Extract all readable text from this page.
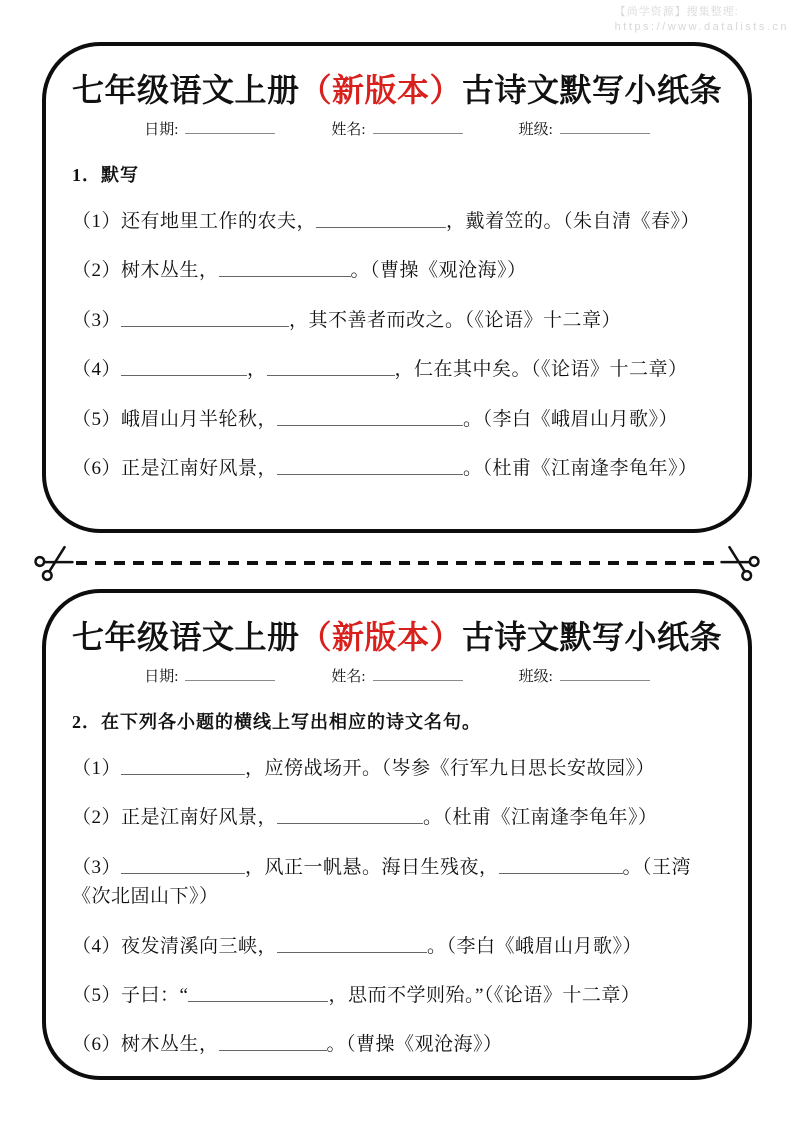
【尚学资源】搜集整理:
https://www.datalists.cn
七年级语文上册（新版本）古诗文默写小纸条
日期:	姓名:	班级:
1．默写
（1）还有地里工作的农夫，	，戴着笠的。（朱自清《春》）
（2）树木丛生，	。（曹操《观沧海》）
（3）	，其不善者而改之。（《论语》十二章）
（4）	，	，仁在其中矣。（《论语》十二章）
（5）峨眉山月半轮秋，	。（李白《峨眉山月歌》）
（6）正是江南好风景，	。（杜甫《江南逢李龟年》）
七年级语文上册（新版本）古诗文默写小纸条
日期:	姓名:	班级:
2．在下列各小题的横线上写出相应的诗文名句。
（1）	，应傍战场开。（岑参《行军九日思长安故园》）
（2）正是江南好风景，	。（杜甫《江南逢李龟年》）
（3）	，风正一帆悬。海日生残夜，	。（王湾《次北固山下》）
（4）夜发清溪向三峡，	。（李白《峨眉山月歌》）
（5）子曰：“	，思而不学则殆。”（《论语》十二章）
（6）树木丛生，	。（曹操《观沧海》）
